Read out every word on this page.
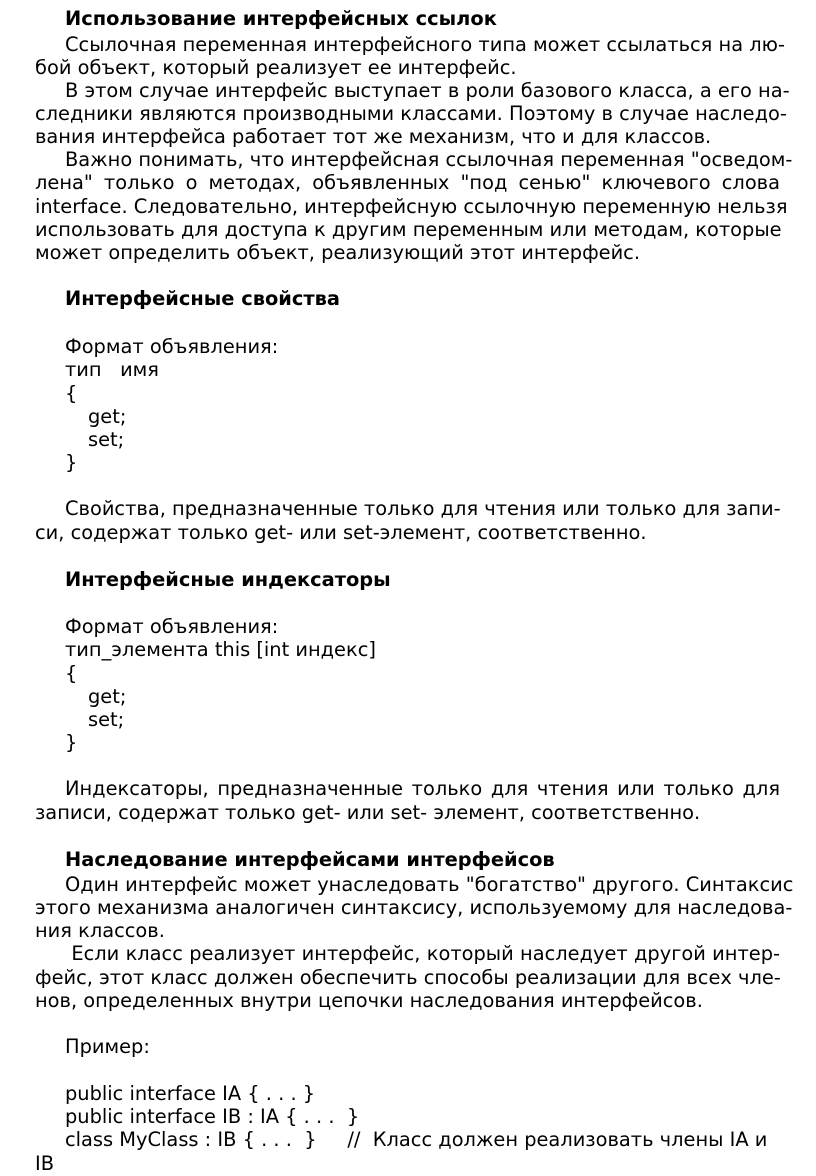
Использование интерфейсных ссылок
Ссылочная переменная интерфейсного типа может ссылаться на лю-
бой объект, который реализует ее интерфейс.
В этом случае интерфейс выступает в роли базового класса, а его на-
следники являются производными классами. Поэтому в случае наследо-
вания интерфейса работает тот же механизм, что и для классов.
Важно понимать, что интерфейсная ссылочная переменная "осведом-
лена" только о методах, объявленных "под сенью" ключевого слова
interface. Следовательно, интерфейсную ссылочную переменную нельзя
использовать для доступа к другим переменным или методам, которые
может определить объект, реализующий этот интерфейс.
Интерфейсные свойства
Формат объявления:
тип   имя
{
get;
set;
}
Свойства, предназначенные только для чтения или только для запи-
си, содержат только get- или set-элемент, соответственно.
Интерфейсные индексаторы
Формат объявления:
тип_элемента this [int индекс]
{
get;
set;
}
Индексаторы, предназначенные только для чтения или только для
записи, содержат только get- или set- элемент, соответственно.
Наследование интерфейсами интерфейсов
Один интерфейс может унаследовать "богатство" другого. Синтаксис
этого механизма аналогичен синтаксису, используемому для наследова-
ния классов.
Если класс реализует интерфейс, который наследует другой интер-
фейс, этот класс должен обеспечить способы реализации для всех чле-
нов, определенных внутри цепочки наследования интерфейсов.
Пример:
public interface IA { . . . }
public interface IB : IA { . . .  }
class MyClass : IB { . . .  }     //  Класс должен реализовать члены IA и
IB
